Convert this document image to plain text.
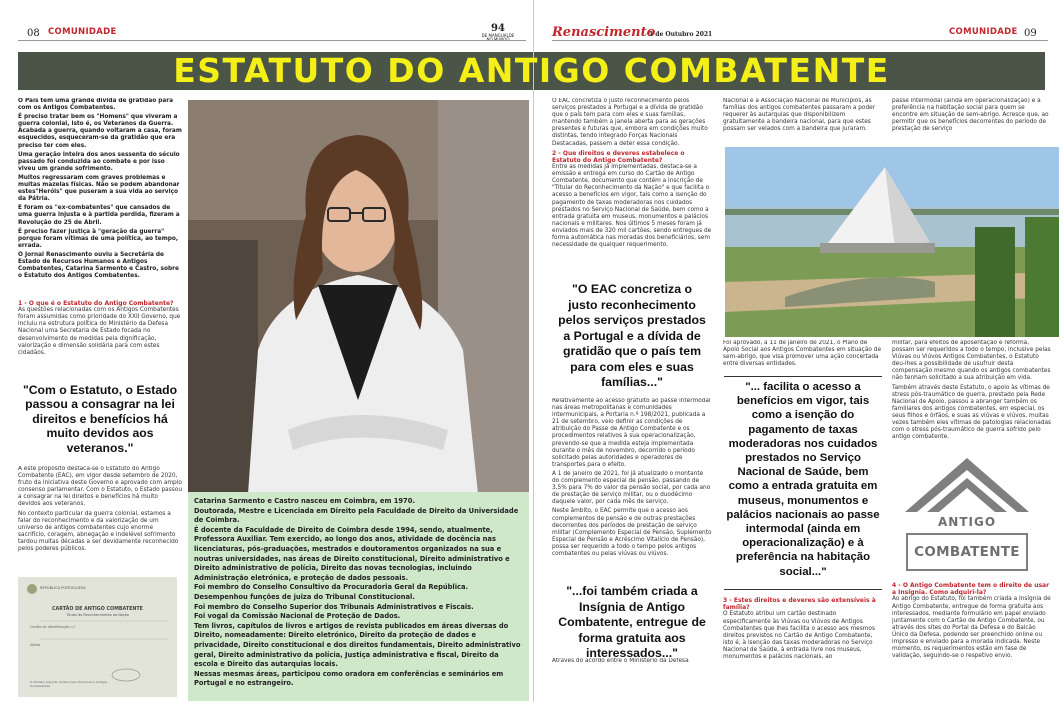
08 COMUNIDADE	94
DE MANGUALDE

O País tem uma grande dívida de gratidão para com os Antigos Combatentes.

É preciso tratar bem os "Homens" que viveram a guerra colonial, isto é, os Veteranos da Guerra. Acabada a guerra, quando voltaram a casa, foram esquecidos, esqueceram-se da gratidão que era preciso ter com eles.

Uma geração inteira dos anos sessenta do século passado foi conduzida ao combate e por isso viveu um grande sofrimento.

Muitos regressaram com graves problemas e muitas mazelas físicas. Não se podem abandonar estes"Heróis" que puseram a sua vida ao serviço da Pátria.

E foram os "ex-combatentes" que cansados de uma guerra injusta e à partida perdida, fizeram a Revolução do 25 de Abril.

É preciso fazer justiça à "geração da guerra" porque foram vítimas de uma política, ao tempo, errada.

O Jornal Renascimento ouviu a Secretária de Estado de Recursos Humanos e Antigos Combatentes, Catarina Sarmento e Castro, sobre o Estatuto dos Antigos Combatentes.

1 - O que é o Estatuto do Antigo Combatente?

As questões relacionadas com os Antigos Combatentes foram assumidas como prioridade do XXII Governo, que incluiu na estrutura política do Ministério da Defesa Nacional uma Secretaria de Estado focada no desenvolvimento de medidas pela dignificação, valorização e dimensão solidária para com estes cidadãos.

"Com o Estatuto, o Estado passou a consagrar na lei direitos e benefícios há muito devidos aos veteranos."

A este propósito destaca-se o Estatuto do Antigo Combatente (EAC), em vigor desde setembro de 2020, fruto da iniciativa deste Governo e aprovado com amplo consenso parlamentar. Com o Estatuto, o Estado passou a consagrar na lei direitos e benefícios há muito devidos aos veteranos.

No contexto particular da guerra colonial, estamos a falar do reconhecimento e da valorização de um universo de antigos combatentes cujo enorme sacrifício, coragem, abnegação e indelével sofrimento tardou muitas décadas a ser devidamente reconhecido pelos poderes públicos.

REPÚBLICA PORTUGUESA
CARTÃO DE ANTIGO COMBATENTE
Titular do Reconhecimento da Nação
Cartão de Identificação n.º
Válido
O Ministro Adjunto de Recursos Humanos e Antigos Combatentes
Catarina Sarmento e Castro nasceu em Coimbra, em 1970.
Doutorada, Mestre e Licenciada em Direito pela Faculdade de Direito da Universidade de Coimbra.
É docente da Faculdade de Direito de Coimbra desde 1994, sendo, atualmente, Professora Auxiliar. Tem exercido, ao longo dos anos, atividade de docência nas licenciaturas, pós-graduações, mestrados e doutoramentos organizados na sua e noutras universidades, nas áreas de Direito constitucional, Direito administrativo e Direito administrativo de polícia, Direito das novas tecnologias, incluindo Administração eletrónica, e proteção de dados pessoais.
Foi membro do Conselho Consultivo da Procuradoria Geral da República.
Desempenhou funções de juiza do Tribunal Constitucional.
Foi membro do Conselho Superior dos Tribunais Administrativos e Fiscais.
Foi vogal da Comissão Nacional de Proteção de Dados.
Tem livros, capítulos de livros e artigos de revista publicados em áreas diversas do Direito, nomeadamente: Direito eletrónico, Direito da proteção de dados e privacidade, Direito constitucional e dos direitos fundamentais, Direito administrativo geral, Direito administrativo da polícia, Justiça administrativa e fiscal, Direito da escola e Direito das autarquias locais.
Nessas mesmas áreas, participou como oradora em conferências e seminários em Portugal e no estrangeiro.
Renascimento
1 de Outubro 2021	COMUNIDADE 09

O EAC concretiza o justo reconhecimento pelos serviços prestados a Portugal e a dívida de gratidão que o país tem para com eles e suas famílias, mantendo também a janela aberta para as gerações presentes e futuras que, embora em condições muito distintas, tendo integrado Forças Nacionais Destacadas, passem a deter essa condição.

2 - Que direitos e deveres estabelece o Estatuto do Antigo Combatente?

Entre as medidas já implementadas, destaca-se a emissão e entrega em curso do Cartão de Antigo Combatente, documento que contém a inscrição de "Titular do Reconhecimento da Nação" e que facilita o acesso a benefícios em vigor, tais como a isenção do pagamento de taxas moderadoras nos cuidados prestados no Serviço Nacional de Saúde, bem como a entrada gratuita em museus, monumentos e palácios nacionais e militares. Nos últimos 5 meses foram já enviados mais de 320 mil cartões, sendo entregues de forma automática nas moradas dos beneficiários, sem necessidade de qualquer requerimento.

"O EAC concretiza o justo reconhecimento pelos serviços prestados a Portugal e a dívida de gratidão que o país tem para com eles e suas famílias..."

Relativamente ao acesso gratuito ao passe intermodal nas áreas metropolitanas e comunidades intermunicipais, a Portaria n.º 198/2021, publicada a 21 de setembro, veio definir as condições de atribuição do Passe de Antigo Combatente e os procedimentos relativos à sua operacionalização, prevendo-se que a medida esteja implementada durante o mês de novembro, decorrido o período solicitado pelas autoridades e operadores de transportes para o efeito.

A 1 de janeiro de 2021, foi já atualizado o montante do complemento especial de pensão, passando de 3,5% para 7% do valor da pensão social, por cada ano de prestação de serviço militar, ou o duodécimo daquele valor, por cada mês de serviço.

Neste âmbito, o EAC permite que o acesso aos complementos de pensão e de outras prestações decorrentes dos períodos de prestação de serviço militar (Complemento Especial de Pensão, Suplemento Especial de Pensão e Acréscimo Vitalício de Pensão), possa ser requerido a todo o tempo pelos antigos combatentes ou pelas viúvas ou viúvos.

"...foi também criada a Insígnia de Antigo Combatente, entregue de forma gratuita aos interessados..."

Através do acordo entre o Ministério da Defesa

Nacional e a Associação Nacional de Municípios, as famílias dos antigos combatentes passaram a poder requerer às autarquias que disponibilizem gratuitamente a bandeira nacional, para que estes possam ser velados com a bandeira que juraram.

passe intermodal (ainda em operacionalização) e à preferência na habitação social para quem se encontre em situação de sem-abrigo. Acresce que, ao permitir que os benefícios decorrentes do período de prestação de serviço

Foi aprovado, a 11 de janeiro de 2021, o Plano de Apoio Social aos Antigos Combatentes em situação de sem-abrigo, que visa promover uma ação concertada entre diversas entidades.

"... facilita o acesso a benefícios em vigor, tais como a isenção do pagamento de taxas moderadoras nos cuidados prestados no Serviço Nacional de Saúde, bem como a entrada gratuita em museus, monumentos e palácios nacionais ao passe intermodal (ainda em operacionalização) e à preferência na habitação social..."
3 - Estes direitos e deveres são extensíveis à família?

O Estatuto atribui um cartão destinado especificamente às Viúvas ou Viúvos de Antigos Combatentes que lhes facilita o acesso aos mesmos direitos previstos no Cartão de Antigo Combatente, isto é, à isenção das taxas moderadoras no Serviço Nacional de Saúde, à entrada livre nos museus, monumentos e palácios nacionais, ao

militar, para efeitos de aposentação e reforma, possam ser requeridos a todo o tempo, inclusive pelas Viúvas ou Viúvos Antigos Combatentes, o Estatuto deu-lhes a possibilidade de usufruir desta compensação mesmo quando os antigos combatentes não tenham solicitado a sua atribuição em vida.

Também através deste Estatuto, o apoio às vítimas de stress pós-traumático de guerra, prestado pela Rede Nacional de Apoio, passou a abranger também os familiares dos antigos combatentes, em especial, os seus filhos e órfãos, e suas as viúvas e viúvos, muitas vezes também eles vítimas de patologias relacionadas com o stress pós-traumático de guerra sofrido pelo antigo combatente.

ANTIGO
COMBATENTE
4 - O Antigo Combatente tem o direito de usar a Insígnia. Como adquiri-la?

Ao abrigo do Estatuto, foi também criada a Insígnia de Antigo Combatente, entregue de forma gratuita aos interessados, mediante formulário em papel enviado juntamente com o Cartão de Antigo Combatente, ou através dos sites do Portal da Defesa e do Balcão Único da Defesa, podendo ser preenchido online ou impresso e enviado para a morada indicada. Neste momento, os requerimentos estão em fase de validação, seguindo-se o respetivo envio.

ESTATUTO DO ANTIGO COMBATENTE
